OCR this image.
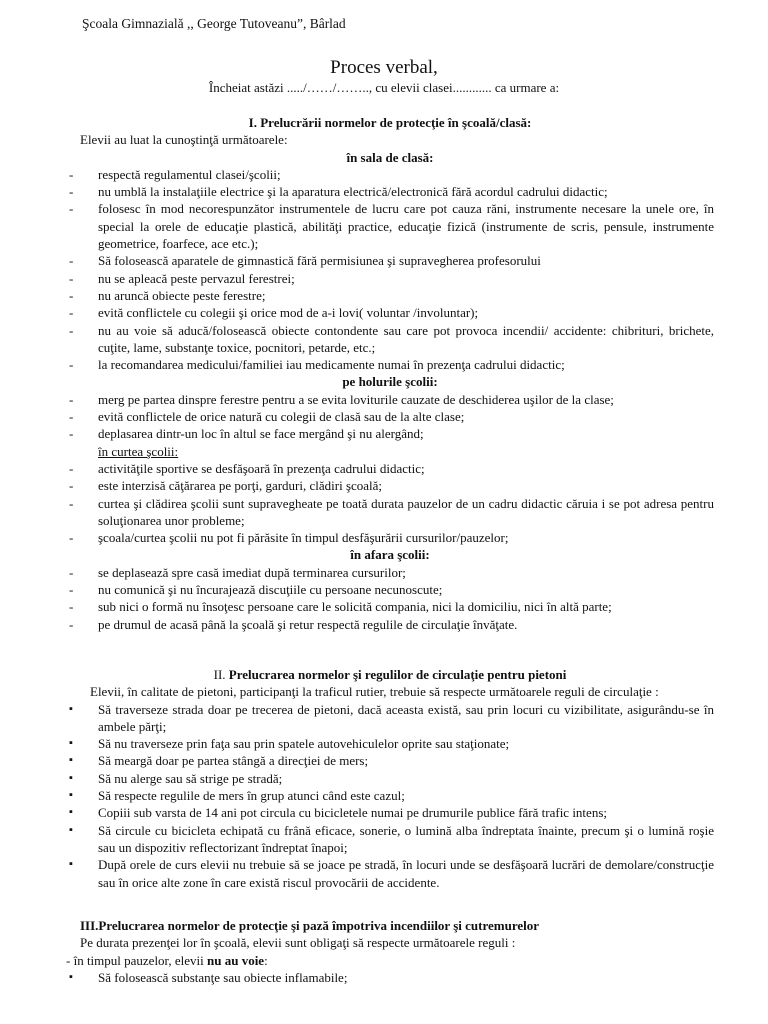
Şcoala Gimnazială ,, George Tutoveanu”, Bârlad
Proces verbal,
Încheiat astăzi ...../……/…….., cu elevii clasei............ ca urmare a:
I. Prelucrării normelor de protecţie în şcoală/clasă:
Elevii au luat la cunoştinţă următoarele:
în sala de clasă:
- respectă regulamentul clasei/şcolii;
- nu umblă la instalaţiile electrice şi la aparatura electrică/electronică fără acordul cadrului didactic;
- folosesc în mod necorespunzător instrumentele de lucru care pot cauza răni, instrumente necesare la unele ore, în special la orele de educaţie plastică, abilităţi practice, educaţie fizică (instrumente de scris, pensule, instrumente geometrice, foarfece, ace etc.);
- Să folosească aparatele de gimnastică fără permisiunea şi supravegherea profesorului
- nu se apleacă peste pervazul ferestrei;
- nu aruncă obiecte peste ferestre;
- evită conflictele cu colegii şi orice mod de a-i lovi( voluntar /involuntar);
- nu au voie să aducă/folosească obiecte contondente sau care pot provoca incendii/ accidente: chibrituri, brichete, cuţite, lame, substanţe toxice, pocnitori, petarde, etc.;
- la recomandarea medicului/familiei iau medicamente numai în prezenţa cadrului didactic;
pe holurile şcolii:
- merg pe partea dinspre ferestre pentru a se evita loviturile cauzate de deschiderea uşilor de la clase;
- evită conflictele de orice natură cu colegii de clasă sau de la alte clase;
- deplasarea dintr-un loc în altul se face mergând şi nu alergând;
în curtea şcolii:
- activităţile sportive se desfăşoară în prezenţa cadrului didactic;
- este interzisă căţărarea pe porţi, garduri, clădiri şcoală;
- curtea şi clădirea şcolii sunt supravegheate pe toată durata pauzelor de un cadru didactic căruia i se pot adresa pentru soluţionarea unor probleme;
- şcoala/curtea şcolii nu pot fi părăsite în timpul desfăşurării cursurilor/pauzelor;
în afara şcolii:
- se deplasează spre casă imediat după terminarea cursurilor;
- nu comunică şi nu încurajează discuţiile cu persoane necunoscute;
- sub nici o formă nu însoţesc persoane care le solicită compania, nici la domiciliu, nici în altă parte;
- pe drumul de acasă până la şcoală şi retur respectă regulile de circulaţie învăţate.
II. Prelucrarea normelor şi regulilor de circulaţie pentru pietoni
Elevii, în calitate de pietoni, participanţi la traficul rutier, trebuie să respecte următoarele reguli de circulaţie :
▪ Să traverseze strada doar pe trecerea de pietoni, dacă aceasta există, sau prin locuri cu vizibilitate, asigurându-se în ambele părţi;
▪ Să nu traverseze prin faţa sau prin spatele autovehiculelor oprite sau staţionate;
▪ Să meargă doar pe partea stângă a direcţiei de mers;
▪ Să nu alerge sau să strige pe stradă;
▪ Să respecte regulile de mers în grup atunci când este cazul;
▪ Copiii sub varsta de 14 ani pot circula cu bicicletele numai pe drumurile publice fără trafic intens;
▪ Să circule cu bicicleta echipată cu frână eficace, sonerie, o lumină alba îndreptata înainte, precum şi o lumină roşie sau un dispozitiv reflectorizant îndreptat înapoi;
▪ După orele de curs elevii nu trebuie să se joace pe stradă, în locuri unde se desfăşoară lucrări de demolare/construcţie sau în orice alte zone în care există riscul provocării de accidente.
III.Prelucrarea normelor de protecţie şi pază împotriva incendiilor şi cutremurelor
Pe durata prezenţei lor în şcoală, elevii sunt obligaţi să respecte următoarele reguli :
- în timpul pauzelor, elevii nu au voie:
▪ Să folosească substanţe sau obiecte inflamabile;
